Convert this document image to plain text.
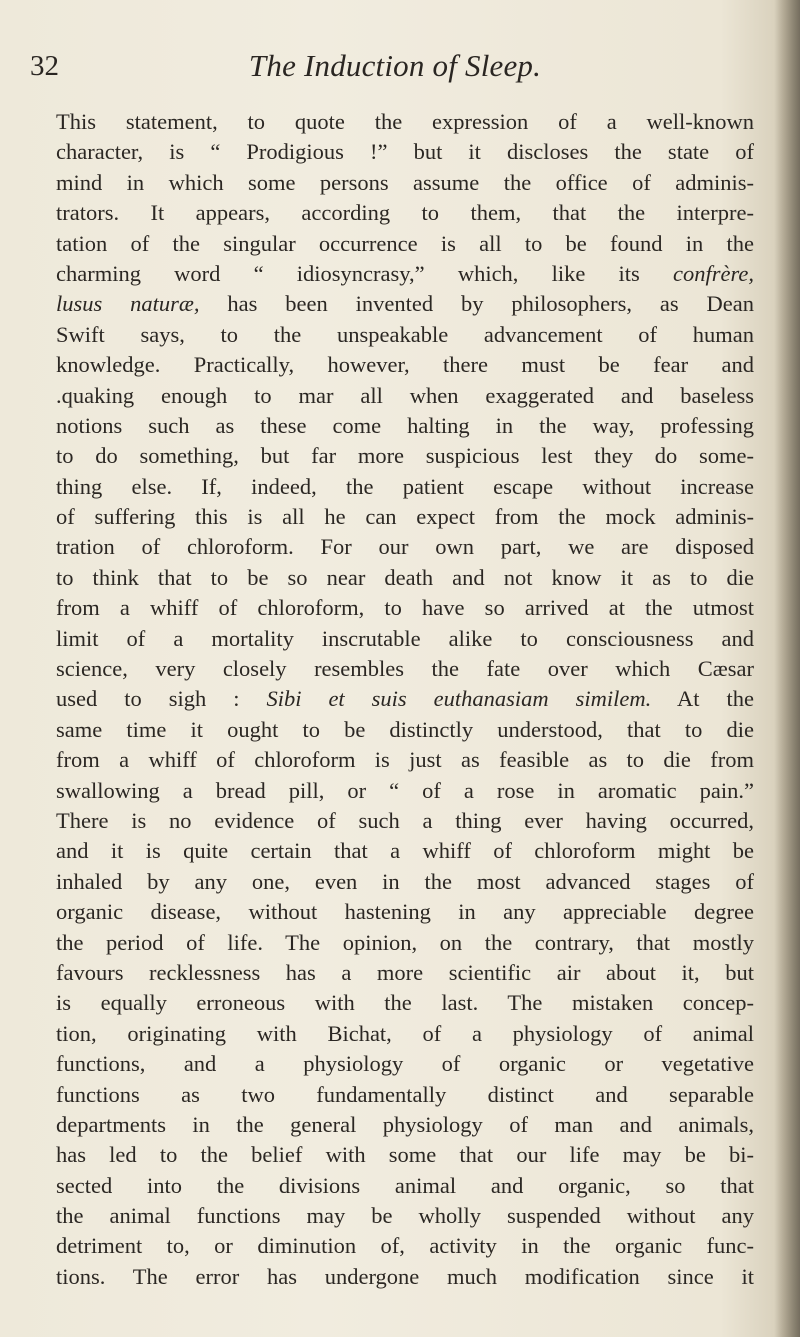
32	The Induction of Sleep.
This statement, to quote the expression of a well-known
character, is “ Prodigious !” but it discloses the state of
mind in which some persons assume the office of adminis-
trators. It appears, according to them, that the interpre-
tation of the singular occurrence is all to be found in the
charming word “ idiosyncrasy,” which, like its confrère,
lusus naturæ, has been invented by philosophers, as Dean
Swift says, to the unspeakable advancement of human
knowledge. Practically, however, there must be fear and
.quaking enough to mar all when exaggerated and baseless
notions such as these come halting in the way, professing
to do something, but far more suspicious lest they do some-
thing else. If, indeed, the patient escape without increase
of suffering this is all he can expect from the mock adminis-
tration of chloroform. For our own part, we are disposed
to think that to be so near death and not know it as to die
from a whiff of chloroform, to have so arrived at the utmost
limit of a mortality inscrutable alike to consciousness and
science, very closely resembles the fate over which Cæsar
used to sigh : Sibi et suis euthanasiam similem. At the
same time it ought to be distinctly understood, that to die
from a whiff of chloroform is just as feasible as to die from
swallowing a bread pill, or “ of a rose in aromatic pain.”
There is no evidence of such a thing ever having occurred,
and it is quite certain that a whiff of chloroform might be
inhaled by any one, even in the most advanced stages of
organic disease, without hastening in any appreciable degree
the period of life. The opinion, on the contrary, that mostly
favours recklessness has a more scientific air about it, but
is equally erroneous with the last. The mistaken concep-
tion, originating with Bichat, of a physiology of animal
functions, and a physiology of organic or vegetative
functions as two fundamentally distinct and separable
departments in the general physiology of man and animals,
has led to the belief with some that our life may be bi-
sected into the divisions animal and organic, so that
the animal functions may be wholly suspended without any
detriment to, or diminution of, activity in the organic func-
tions. The error has undergone much modification since it
